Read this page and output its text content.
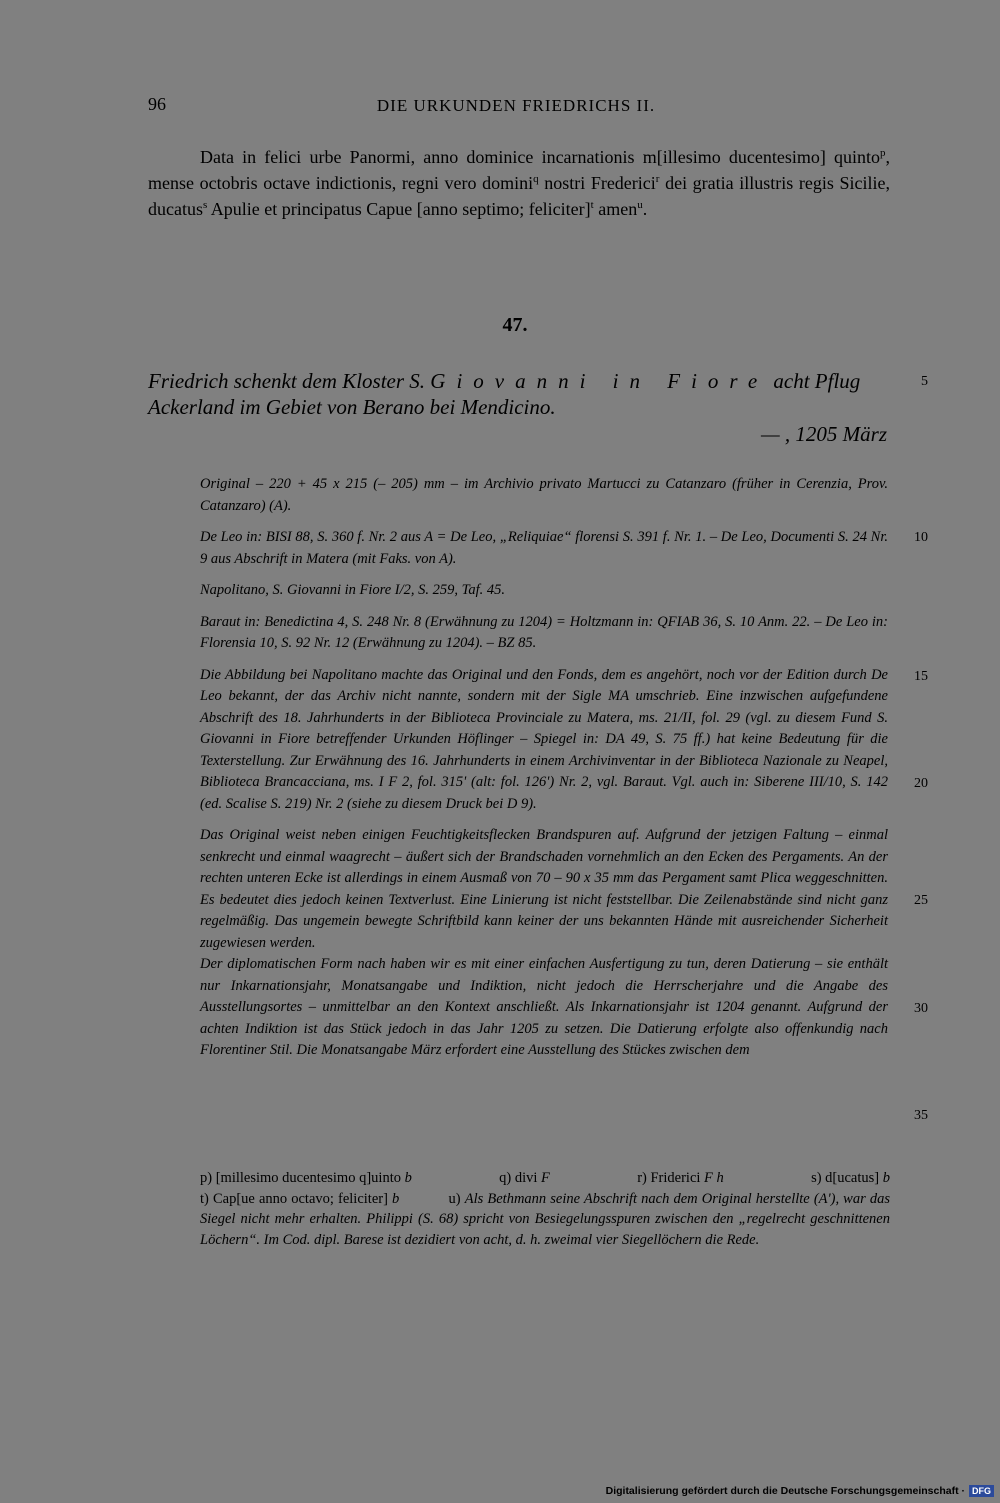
96	DIE URKUNDEN FRIEDRICHS II.

Data in felici urbe Panormi, anno dominice incarnationis m[illesimo ducentesimo] quinto$^p$, mense octobris octave indictionis, regni vero domini$^q$ nostri Frederici$^r$ dei gratia illustris regis Sicilie, ducatus$^s$ Apulie et principatus Capue [anno septimo; feliciter]$^t$ amen$^u$.

47.
Friedrich schenkt dem Kloster S. Giovanni in Fiore acht Pflug Ackerland im Gebiet von Berano bei Mendicino.
— , 1205 März

Original – 220 + 45 x 215 (– 205) mm – im Archivio privato Martucci zu Catanzaro (früher in Cerenzia, Prov. Catanzaro) (A).

De Leo in: BISI 88, S. 360 f. Nr. 2 aus A = De Leo, „Reliquiae“ florensi S. 391 f. Nr. 1. – De Leo, Documenti S. 24 Nr. 9 aus Abschrift in Matera (mit Faks. von A).

Napolitano, S. Giovanni in Fiore I/2, S. 259, Taf. 45.

Baraut in: Benedictina 4, S. 248 Nr. 8 (Erwähnung zu 1204) = Holtzmann in: QFIAB 36, S. 10 Anm. 22. – De Leo in: Florensia 10, S. 92 Nr. 12 (Erwähnung zu 1204). – BZ 85.

Die Abbildung bei Napolitano machte das Original und den Fonds, dem es angehört, noch vor der Edition durch De Leo bekannt, der das Archiv nicht nannte, sondern mit der Sigle MA umschrieb. Eine inzwischen aufgefundene Abschrift des 18. Jahrhunderts in der Biblioteca Provinciale zu Matera, ms. 21/II, fol. 29 (vgl. zu diesem Fund S. Giovanni in Fiore betreffender Urkunden Höflinger – Spiegel in: DA 49, S. 75 ff.) hat keine Bedeutung für die Texterstellung. Zur Erwähnung des 16. Jahrhunderts in einem Archivinventar in der Biblioteca Nazionale zu Neapel, Biblioteca Brancacciana, ms. I F 2, fol. 315' (alt: fol. 126') Nr. 2, vgl. Baraut. Vgl. auch in: Siberene III/10, S. 142 (ed. Scalise S. 219) Nr. 2 (siehe zu diesem Druck bei D 9).

Das Original weist neben einigen Feuchtigkeitsflecken Brandspuren auf. Aufgrund der jetzigen Faltung – einmal senkrecht und einmal waagrecht – äußert sich der Brandschaden vornehmlich an den Ecken des Pergaments. An der rechten unteren Ecke ist allerdings in einem Ausmaß von 70 – 90 x 35 mm das Pergament samt Plica weggeschnitten. Es bedeutet dies jedoch keinen Textverlust. Eine Linierung ist nicht feststellbar. Die Zeilenabstände sind nicht ganz regelmäßig. Das ungemein bewegte Schriftbild kann keiner der uns bekannten Hände mit ausreichender Sicherheit zugewiesen werden.

Der diplomatischen Form nach haben wir es mit einer einfachen Ausfertigung zu tun, deren Datierung – sie enthält nur Inkarnationsjahr, Monatsangabe und Indiktion, nicht jedoch die Herrscherjahre und die Angabe des Ausstellungsortes – unmittelbar an den Kontext anschließt. Als Inkarnationsjahr ist 1204 genannt. Aufgrund der achten Indiktion ist das Stück jedoch in das Jahr 1205 zu setzen. Die Datierung erfolgte also offenkundig nach Florentiner Stil. Die Monatsangabe März erfordert eine Ausstellung des Stückes zwischen dem

5
10
15
20
25
30
35
p) [millesimo ducentesimo q]uinto b	q) divi F	r) Friderici F h	s) d[ucatus] b
t) Cap[ue anno octavo; feliciter] b	u) Als Bethmann seine Abschrift nach dem Original herstellte (A'), war das Siegel nicht mehr erhalten. Philippi (S. 68) spricht von Besiegelungsspuren zwischen den „regelrecht geschnittenen Löchern“. Im Cod. dipl. Barese ist dezidiert von acht, d. h. zweimal vier Siegellöchern die Rede.
Digitalisierung gefördert durch die Deutsche Forschungsgemeinschaft · DFG
